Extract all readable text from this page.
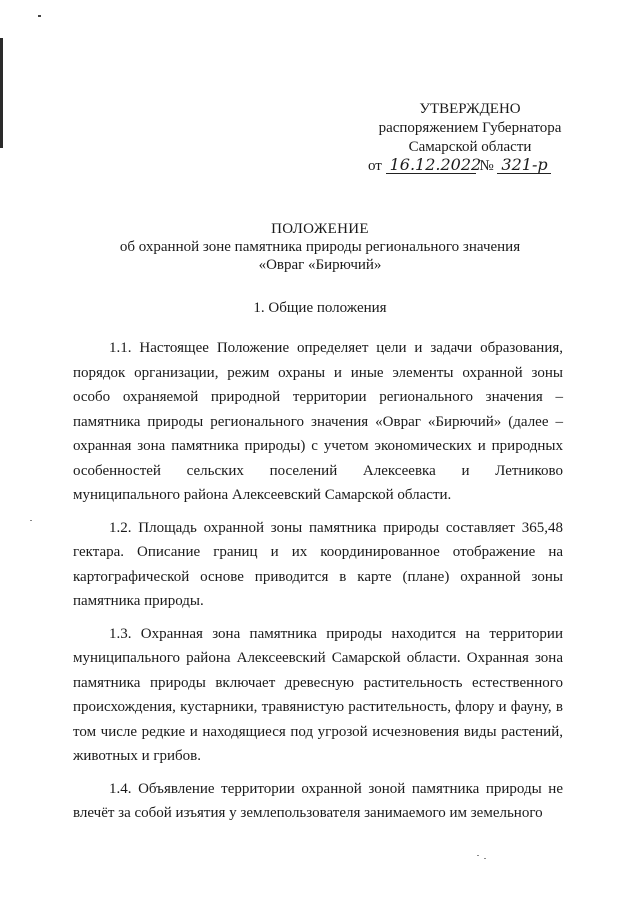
УТВЕРЖДЕНО
распоряжением Губернатора
Самарской области
от 16.12.2022 № 321-р
ПОЛОЖЕНИЕ
об охранной зоне памятника природы регионального значения
«Овраг «Бирючий»
1. Общие положения

1.1. Настоящее Положение определяет цели и задачи образования, порядок организации, режим охраны и иные элементы охранной зоны особо охраняемой природной территории регионального значения – памятника природы регионального значения «Овраг «Бирючий» (далее – охранная зона памятника природы) с учетом экономических и природных особенностей сельских поселений Алексеевка и Летниково муниципального района Алексеевский Самарской области.

1.2. Площадь охранной зоны памятника природы составляет 365,48 гектара. Описание границ и их координированное отображение на картографической основе приводится в карте (плане) охранной зоны памятника природы.

1.3. Охранная зона памятника природы находится на территории муниципального района Алексеевский Самарской области. Охранная зона памятника природы включает древесную растительность естественного происхождения, кустарники, травянистую растительность, флору и фауну, в том числе редкие и находящиеся под угрозой исчезновения виды растений, животных и грибов.

1.4. Объявление территории охранной зоной памятника природы не влечёт за собой изъятия у землепользователя занимаемого им земельного
